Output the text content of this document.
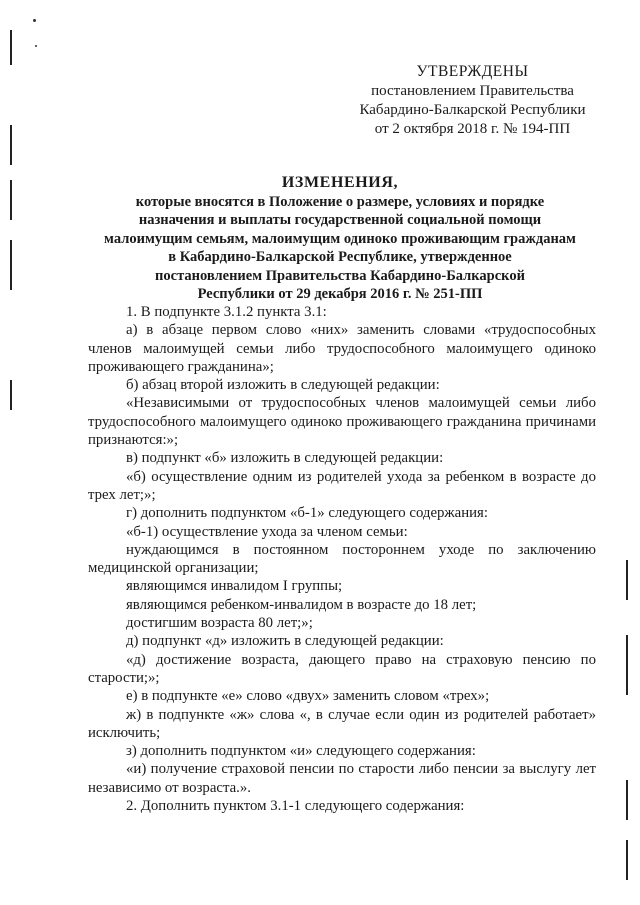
УТВЕРЖДЕНЫ
постановлением Правительства
Кабардино-Балкарской Республики
от 2 октября 2018 г. № 194-ПП
ИЗМЕНЕНИЯ,
которые вносятся в Положение о размере, условиях и порядке
назначения и выплаты государственной социальной помощи
малоимущим семьям, малоимущим одиноко проживающим гражданам
в Кабардино-Балкарской Республике, утвержденное
постановлением Правительства Кабардино-Балкарской
Республики от 29 декабря 2016 г. № 251-ПП

1. В подпункте 3.1.2 пункта 3.1:

а) в абзаце первом слово «них» заменить словами «трудоспособных членов малоимущей семьи либо трудоспособного малоимущего одиноко проживающего гражданина»;

б) абзац второй изложить в следующей редакции:

«Независимыми от трудоспособных членов малоимущей семьи либо трудоспособного малоимущего одиноко проживающего гражданина причинами признаются:»;

в) подпункт «б» изложить в следующей редакции:

«б) осуществление одним из родителей ухода за ребенком в возрасте до трех лет;»;

г) дополнить подпунктом «б-1» следующего содержания:

«б-1) осуществление ухода за членом семьи:

нуждающимся в постоянном постороннем уходе по заключению медицинской организации;

являющимся инвалидом I группы;

являющимся ребенком-инвалидом в возрасте до 18 лет;

достигшим возраста 80 лет;»;

д) подпункт «д» изложить в следующей редакции:

«д) достижение возраста, дающего право на страховую пенсию по старости;»;

е) в подпункте «е» слово «двух» заменить словом «трех»;

ж) в подпункте «ж» слова «, в случае если один из родителей работает» исключить;

з) дополнить подпунктом «и» следующего содержания:

«и) получение страховой пенсии по старости либо пенсии за выслугу лет независимо от возраста.».

2. Дополнить пунктом 3.1-1 следующего содержания:
